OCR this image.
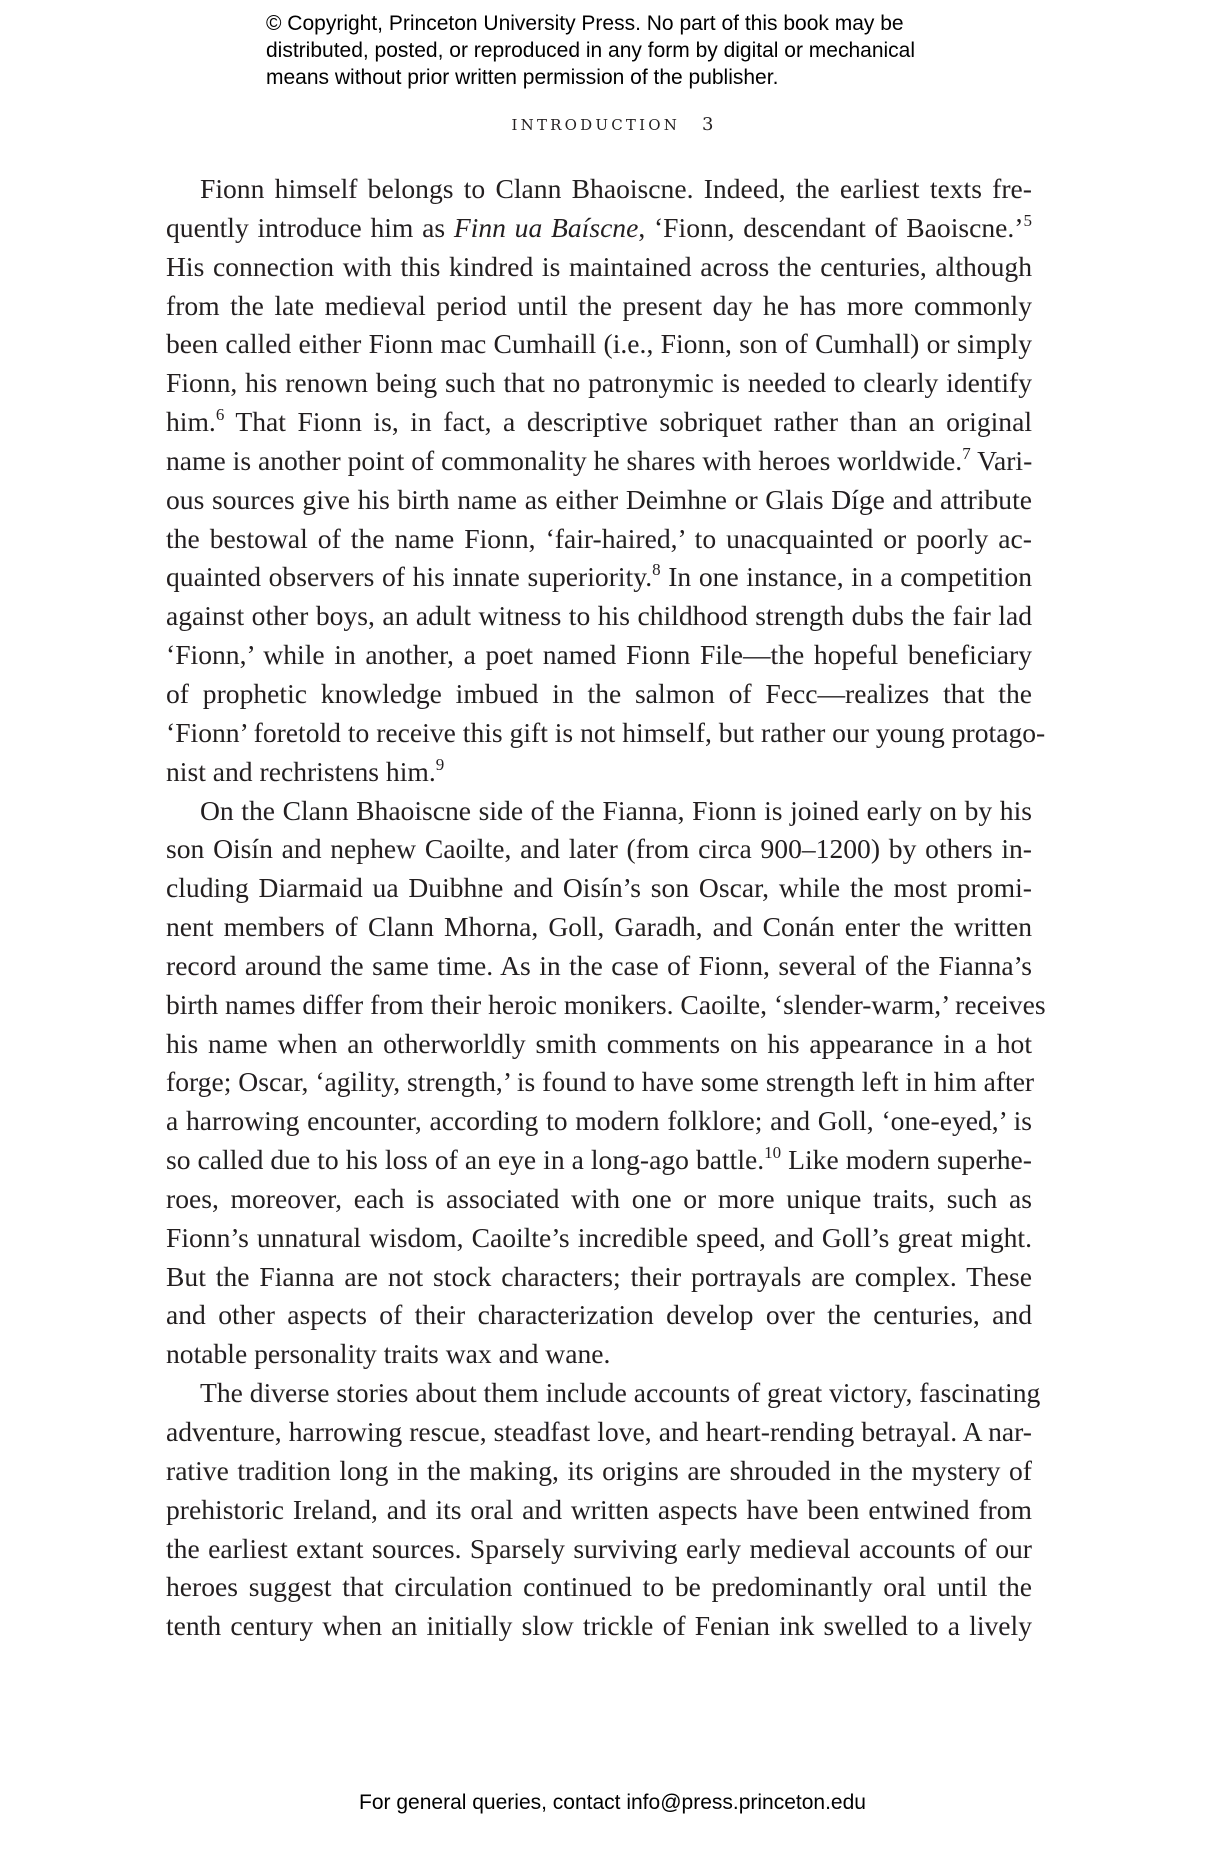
© Copyright, Princeton University Press. No part of this book may be
distributed, posted, or reproduced in any form by digital or mechanical
means without prior written permission of the publisher.
INTRODUCTION 3
Fionn himself belongs to Clann Bhaoiscne. Indeed, the earliest texts fre-
quently introduce him as Finn ua Baíscne, ‘Fionn, descendant of Baoiscne.’$^5$
His connection with this kindred is maintained across the centuries, although
from the late medieval period until the present day he has more commonly
been called either Fionn mac Cumhaill (i.e., Fionn, son of Cumhall) or simply
Fionn, his renown being such that no patronymic is needed to clearly identify
him.$^6$ That Fionn is, in fact, a descriptive sobriquet rather than an original
name is another point of commonality he shares with heroes worldwide.$^7$ Vari-
ous sources give his birth name as either Deimhne or Glais Díge and attribute
the bestowal of the name Fionn, ‘fair-haired,’ to unacquainted or poorly ac-
quainted observers of his innate superiority.$^8$ In one instance, in a competition
against other boys, an adult witness to his childhood strength dubs the fair lad
‘Fionn,’ while in another, a poet named Fionn File—the hopeful beneficiary
of prophetic knowledge imbued in the salmon of Fecc—realizes that the
‘Fionn’ foretold to receive this gift is not himself, but rather our young protago-
nist and rechristens him.$^9$
On the Clann Bhaoiscne side of the Fianna, Fionn is joined early on by his
son Oisín and nephew Caoilte, and later (from circa 900–1200) by others in-
cluding Diarmaid ua Duibhne and Oisín’s son Oscar, while the most promi-
nent members of Clann Mhorna, Goll, Garadh, and Conán enter the written
record around the same time. As in the case of Fionn, several of the Fianna’s
birth names differ from their heroic monikers. Caoilte, ‘slender-warm,’ receives
his name when an otherworldly smith comments on his appearance in a hot
forge; Oscar, ‘agility, strength,’ is found to have some strength left in him after
a harrowing encounter, according to modern folklore; and Goll, ‘one-eyed,’ is
so called due to his loss of an eye in a long-ago battle.$^{10}$ Like modern superhe-
roes, moreover, each is associated with one or more unique traits, such as
Fionn’s unnatural wisdom, Caoilte’s incredible speed, and Goll’s great might.
But the Fianna are not stock characters; their portrayals are complex. These
and other aspects of their characterization develop over the centuries, and
notable personality traits wax and wane.
The diverse stories about them include accounts of great victory, fascinating
adventure, harrowing rescue, steadfast love, and heart-rending betrayal. A nar-
rative tradition long in the making, its origins are shrouded in the mystery of
prehistoric Ireland, and its oral and written aspects have been entwined from
the earliest extant sources. Sparsely surviving early medieval accounts of our
heroes suggest that circulation continued to be predominantly oral until the
tenth century when an initially slow trickle of Fenian ink swelled to a lively
For general queries, contact info@press.princeton.edu
